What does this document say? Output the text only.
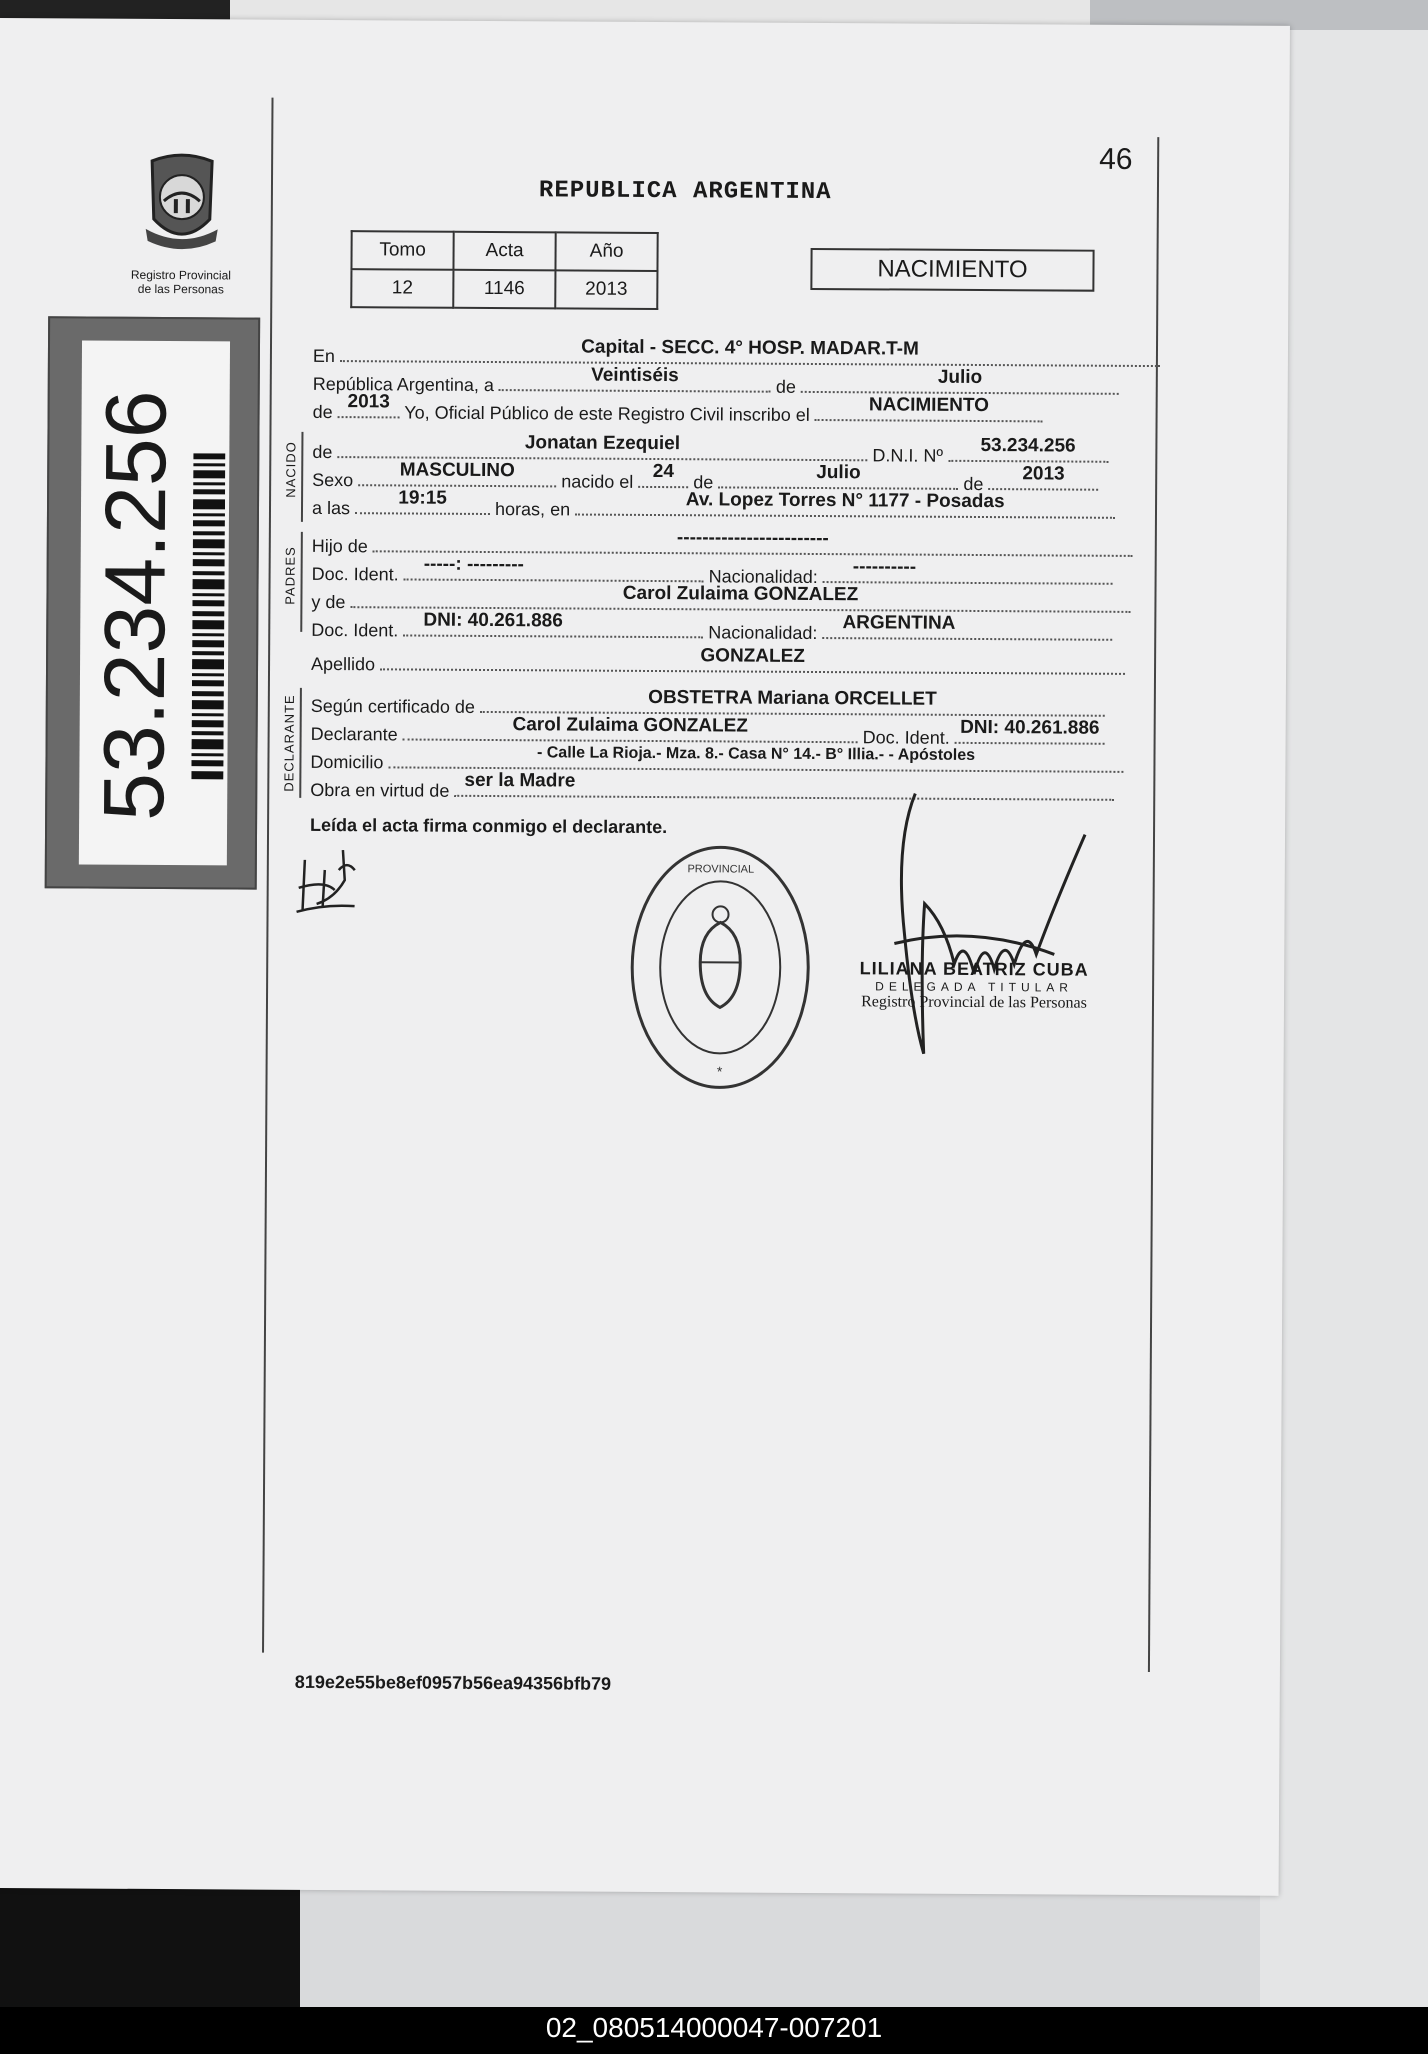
46
REPUBLICA ARGENTINA
Registro Provincial
de las Personas
53.234.256
Tomo	Acta	Año
12	1146	2013
NACIMIENTO
En	Capital - SECC. 4° HOSP. MADAR.T-M
República Argentina, a	Veintiséis
de	Julio
de 2013
Yo, Oficial Público de este Registro Civil inscribo el	NACIMIENTO
NACIDO de	Jonatan Ezequiel
D.N.I. Nº	53.234.256
Sexo	MASCULINO
nacido el	24
de	Julio
de	2013
a las	19:15
horas, en	Av. Lopez Torres N° 1177 - Posadas
PADRES
Hijo de	------------------------
Doc. Ident.	-----: ---------
Nacionalidad:	----------
y de	Carol Zulaima GONZALEZ
Doc. Ident.	DNI: 40.261.886
Nacionalidad:	ARGENTINA
Apellido	GONZALEZ
DECLARANTE Según certificado de	OBSTETRA Mariana ORCELLET
Declarante	Carol Zulaima GONZALEZ
Doc. Ident. DNI: 40.261.886
Domicilio	- Calle La Rioja.- Mza. 8.- Casa N° 14.- B° Illia.- - Apóstoles
Obra en virtud de ser la Madre
Leída el acta firma conmigo el declarante.
PROVINCIAL
*
LILIANA BEATRIZ CUBA
DELEGADA TITULAR
Registro Provincial de las Personas
819e2e55be8ef0957b56ea94356bfb79
02_080514000047-007201
